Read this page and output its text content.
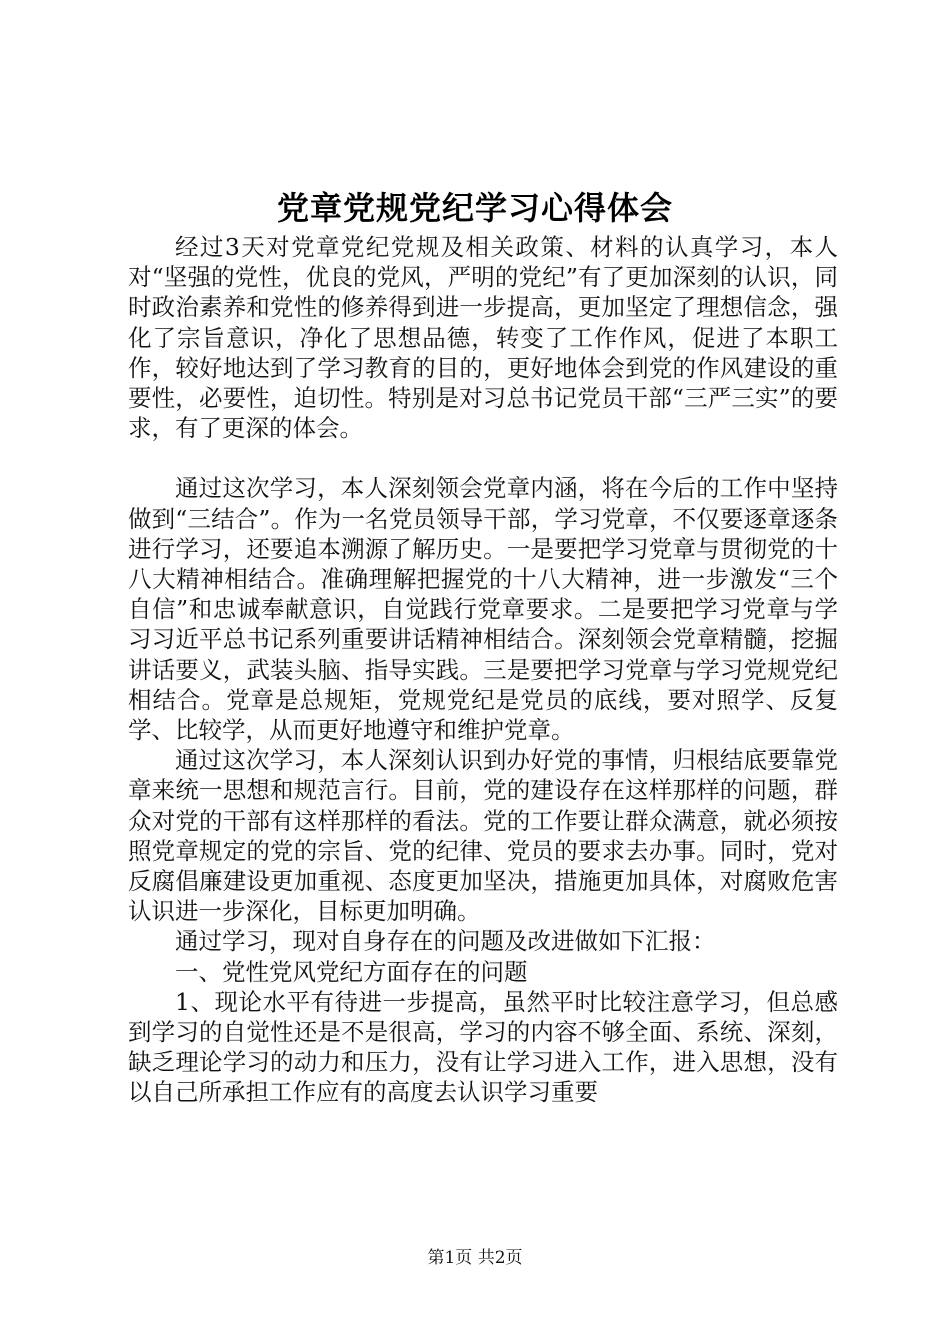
党章党规党纪学习心得体会

经过3天对党章党纪党规及相关政策、材料的认真学习，本人对“坚强的党性，优良的党风，严明的党纪”有了更加深刻的认识，同时政治素养和党性的修养得到进一步提高，更加坚定了理想信念，强化了宗旨意识，净化了思想品德，转变了工作作风，促进了本职工作，较好地达到了学习教育的目的，更好地体会到党的作风建设的重要性，必要性，迫切性。特别是对习总书记党员干部“三严三实”的要求，有了更深的体会。

通过这次学习，本人深刻领会党章内涵，将在今后的工作中坚持做到“三结合”。作为一名党员领导干部，学习党章，不仅要逐章逐条进行学习，还要追本溯源了解历史。一是要把学习党章与贯彻党的十八大精神相结合。准确理解把握党的十八大精神，进一步激发“三个自信”和忠诚奉献意识，自觉践行党章要求。二是要把学习党章与学习习近平总书记系列重要讲话精神相结合。深刻领会党章精髓，挖掘讲话要义，武装头脑、指导实践。三是要把学习党章与学习党规党纪相结合。党章是总规矩，党规党纪是党员的底线，要对照学、反复学、比较学，从而更好地遵守和维护党章。

通过这次学习，本人深刻认识到办好党的事情，归根结底要靠党章来统一思想和规范言行。目前，党的建设存在这样那样的问题，群众对党的干部有这样那样的看法。党的工作要让群众满意，就必须按照党章规定的党的宗旨、党的纪律、党员的要求去办事。同时，党对反腐倡廉建设更加重视、态度更加坚决，措施更加具体，对腐败危害认识进一步深化，目标更加明确。

通过学习，现对自身存在的问题及改进做如下汇报：

一、党性党风党纪方面存在的问题

1、现论水平有待进一步提高，虽然平时比较注意学习，但总感到学习的自觉性还是不是很高，学习的内容不够全面、系统、深刻，缺乏理论学习的动力和压力，没有让学习进入工作，进入思想，没有以自己所承担工作应有的高度去认识学习重要

第1页 共2页
